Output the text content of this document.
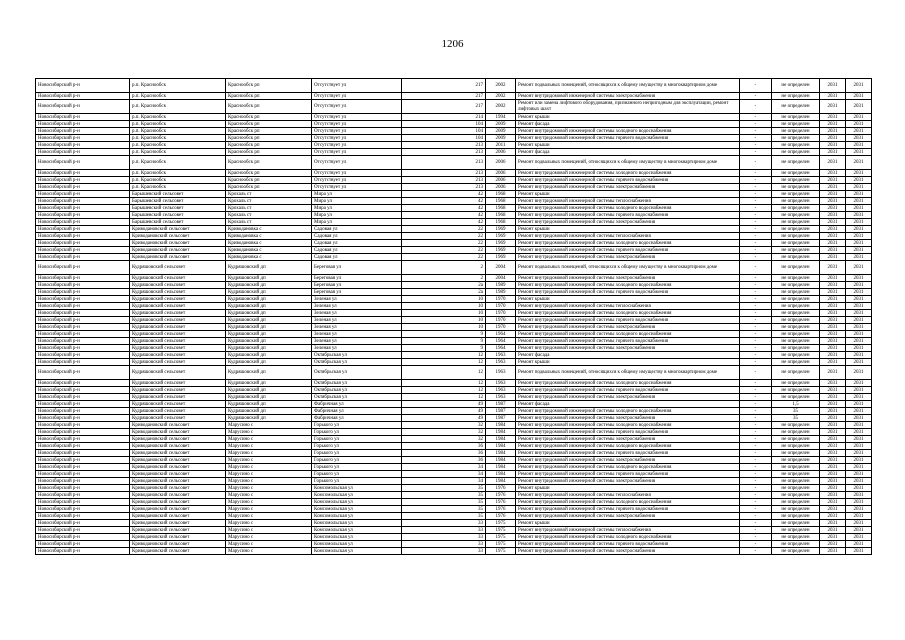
1206
Новосибирский р-н	р.п. Краснообск	Краснообск рп	Отсутствует ул	217	2002	Ремонт подвальных помещений, относящихся к общему имуществу в многоквартирном доме	-	не определен	2031	2031
Новосибирский р-н	р.п. Краснообск	Краснообск рп	Отсутствует ул	217	2002	Ремонт внутридомовой инженерной системы электроснабжения	-	не определен	2031	2031
Новосибирский р-н	р.п. Краснообск	Краснообск рп	Отсутствует ул	217	2002	Ремонт или замена лифтового оборудования, признанного непригодным для эксплуатации, ремонт лифтовых шахт	-	не определен	2031	2031
Новосибирский р-н	р.п. Краснообск	Краснообск рп	Отсутствует ул	214	1994	Ремонт крыши	-	не определен	2031	2031
Новосибирский р-н	р.п. Краснообск	Краснообск рп	Отсутствует ул	104	2009	Ремонт фасада	-	не определен	2031	2031
Новосибирский р-н	р.п. Краснообск	Краснообск рп	Отсутствует ул	104	2009	Ремонт внутридомовой инженерной системы холодного водоснабжения	-	не определен	2031	2031
Новосибирский р-н	р.п. Краснообск	Краснообск рп	Отсутствует ул	104	2009	Ремонт внутридомовой инженерной системы горячего водоснабжения	-	не определен	2031	2031
Новосибирский р-н	р.п. Краснообск	Краснообск рп	Отсутствует ул	213	2011	Ремонт крыши	-	не определен	2031	2031
Новосибирский р-н	р.п. Краснообск	Краснообск рп	Отсутствует ул	213	2006	Ремонт фасада	-	не определен	2031	2031
Новосибирский р-н	р.п. Краснообск	Краснообск рп	Отсутствует ул	213	2006	Ремонт подвальных помещений, относящихся к общему имуществу в многоквартирном доме	-	не определен	2031	2031
Новосибирский р-н	р.п. Краснообск	Краснообск рп	Отсутствует ул	213	2006	Ремонт внутридомовой инженерной системы холодного водоснабжения	-	не определен	2031	2031
Новосибирский р-н	р.п. Краснообск	Краснообск рп	Отсутствует ул	213	2006	Ремонт внутридомовой инженерной системы горячего водоснабжения	-	не определен	2031	2031
Новосибирский р-н	р.п. Краснообск	Краснообск рп	Отсутствует ул	213	2006	Ремонт внутридомовой инженерной системы электроснабжения	-	не определен	2031	2031
Новосибирский р-н	Барышевский сельсовет	Крохаль ст	Мира ул	42	1968	Ремонт крыши	-	не определен	2031	2031
Новосибирский р-н	Барышевский сельсовет	Крохаль ст	Мира ул	42	1968	Ремонт внутридомовой инженерной системы теплоснабжения	-	не определен	2031	2031
Новосибирский р-н	Барышевский сельсовет	Крохаль ст	Мира ул	42	1968	Ремонт внутридомовой инженерной системы холодного водоснабжения	-	не определен	2031	2031
Новосибирский р-н	Барышевский сельсовет	Крохаль ст	Мира ул	42	1968	Ремонт внутридомовой инженерной системы горячего водоснабжения	-	не определен	2031	2031
Новосибирский р-н	Барышевский сельсовет	Крохаль ст	Мира ул	42	1968	Ремонт внутридомовой инженерной системы электроснабжения	-	не определен	2031	2031
Новосибирский р-н	Криводановский сельсовет	Криводановка с	Садовая ул	22	1969	Ремонт крыши	-	не определен	2031	2031
Новосибирский р-н	Криводановский сельсовет	Криводановка с	Садовая ул	22	1969	Ремонт внутридомовой инженерной системы теплоснабжения	-	не определен	2031	2031
Новосибирский р-н	Криводановский сельсовет	Криводановка с	Садовая ул	22	1969	Ремонт внутридомовой инженерной системы холодного водоснабжения	-	не определен	2031	2031
Новосибирский р-н	Криводановский сельсовет	Криводановка с	Садовая ул	22	1969	Ремонт внутридомовой инженерной системы горячего водоснабжения	-	не определен	2031	2031
Новосибирский р-н	Криводановский сельсовет	Криводановка с	Садовая ул	22	1969	Ремонт внутридомовой инженерной системы электроснабжения	-	не определен	2031	2031
Новосибирский р-н	Кудряшовский сельсовет	Кудряшовский дп	Береговая ул	2	2004	Ремонт подвальных помещений, относящихся к общему имуществу в многоквартирном доме	-	не определен	2031	2031
Новосибирский р-н	Кудряшовский сельсовет	Кудряшовский дп	Береговая ул	2	2004	Ремонт внутридомовой инженерной системы электроснабжения	-	не определен	2031	2031
Новосибирский р-н	Кудряшовский сельсовет	Кудряшовский дп	Береговая ул	2а	1989	Ремонт внутридомовой инженерной системы холодного водоснабжения	-	не определен	2031	2031
Новосибирский р-н	Кудряшовский сельсовет	Кудряшовский дп	Береговая ул	2а	1989	Ремонт внутридомовой инженерной системы горячего водоснабжения	-	не определен	2031	2031
Новосибирский р-н	Кудряшовский сельсовет	Кудряшовский дп	Зеленая ул	10	1970	Ремонт крыши	-	не определен	2031	2031
Новосибирский р-н	Кудряшовский сельсовет	Кудряшовский дп	Зеленая ул	10	1970	Ремонт внутридомовой инженерной системы теплоснабжения	-	не определен	2031	2031
Новосибирский р-н	Кудряшовский сельсовет	Кудряшовский дп	Зеленая ул	10	1970	Ремонт внутридомовой инженерной системы холодного водоснабжения	-	не определен	2031	2031
Новосибирский р-н	Кудряшовский сельсовет	Кудряшовский дп	Зеленая ул	10	1970	Ремонт внутридомовой инженерной системы горячего водоснабжения	-	не определен	2031	2031
Новосибирский р-н	Кудряшовский сельсовет	Кудряшовский дп	Зеленая ул	10	1970	Ремонт внутридомовой инженерной системы электроснабжения	-	не определен	2031	2031
Новосибирский р-н	Кудряшовский сельсовет	Кудряшовский дп	Зеленая ул	9	1964	Ремонт внутридомовой инженерной системы холодного водоснабжения	-	не определен	2031	2031
Новосибирский р-н	Кудряшовский сельсовет	Кудряшовский дп	Зеленая ул	9	1964	Ремонт внутридомовой инженерной системы горячего водоснабжения	-	не определен	2031	2031
Новосибирский р-н	Кудряшовский сельсовет	Кудряшовский дп	Зеленая ул	9	1964	Ремонт внутридомовой инженерной системы электроснабжения	-	не определен	2031	2031
Новосибирский р-н	Кудряшовский сельсовет	Кудряшовский дп	Октябрьская ул	12	1963	Ремонт фасада	-	не определен	2031	2031
Новосибирский р-н	Кудряшовский сельсовет	Кудряшовский дп	Октябрьская ул	12	1963	Ремонт крыши	-	не определен	2031	2031
Новосибирский р-н	Кудряшовский сельсовет	Кудряшовский дп	Октябрьская ул	12	1963	Ремонт подвальных помещений, относящихся к общему имуществу в многоквартирном доме	-	не определен	2031	2031
Новосибирский р-н	Кудряшовский сельсовет	Кудряшовский дп	Октябрьская ул	12	1963	Ремонт внутридомовой инженерной системы холодного водоснабжения	-	не определен	2031	2031
Новосибирский р-н	Кудряшовский сельсовет	Кудряшовский дп	Октябрьская ул	12	1963	Ремонт внутридомовой инженерной системы горячего водоснабжения	-	не определен	2031	2031
Новосибирский р-н	Кудряшовский сельсовет	Кудряшовский дп	Октябрьская ул	12	1963	Ремонт внутридомовой инженерной системы электроснабжения	-	не определен	2031	2031
Новосибирский р-н	Кудряшовский сельсовет	Кудряшовский дп	Фабричная ул	49	1987	Ремонт фасада	-	1,5	2031	2031
Новосибирский р-н	Кудряшовский сельсовет	Кудряшовский дп	Фабричная ул	49	1987	Ремонт внутридомовой инженерной системы холодного водоснабжения	-	35	2031	2031
Новосибирский р-н	Кудряшовский сельсовет	Кудряшовский дп	Фабричная ул	49	1987	Ремонт внутридомовой инженерной системы электроснабжения	-	35	2031	2031
Новосибирский р-н	Криводановский сельсовет	Марусино с	Горького ул	32	1984	Ремонт внутридомовой инженерной системы холодного водоснабжения	-	не определен	2031	2031
Новосибирский р-н	Криводановский сельсовет	Марусино с	Горького ул	32	1984	Ремонт внутридомовой инженерной системы горячего водоснабжения	-	не определен	2031	2031
Новосибирский р-н	Криводановский сельсовет	Марусино с	Горького ул	32	1984	Ремонт внутридомовой инженерной системы электроснабжения	-	не определен	2031	2031
Новосибирский р-н	Криводановский сельсовет	Марусино с	Горького ул	36	1984	Ремонт внутридомовой инженерной системы холодного водоснабжения	-	не определен	2031	2031
Новосибирский р-н	Криводановский сельсовет	Марусино с	Горького ул	36	1984	Ремонт внутридомовой инженерной системы горячего водоснабжения	-	не определен	2031	2031
Новосибирский р-н	Криводановский сельсовет	Марусино с	Горького ул	36	1984	Ремонт внутридомовой инженерной системы электроснабжения	-	не определен	2031	2031
Новосибирский р-н	Криводановский сельсовет	Марусино с	Горького ул	34	1984	Ремонт внутридомовой инженерной системы холодного водоснабжения	-	не определен	2031	2031
Новосибирский р-н	Криводановский сельсовет	Марусино с	Горького ул	34	1984	Ремонт внутридомовой инженерной системы горячего водоснабжения	-	не определен	2031	2031
Новосибирский р-н	Криводановский сельсовет	Марусино с	Горького ул	34	1984	Ремонт внутридомовой инженерной системы электроснабжения	-	не определен	2031	2031
Новосибирский р-н	Криводановский сельсовет	Марусино с	Комсомольская ул	35	1976	Ремонт крыши	-	не определен	2031	2031
Новосибирский р-н	Криводановский сельсовет	Марусино с	Комсомольская ул	35	1976	Ремонт внутридомовой инженерной системы теплоснабжения	-	не определен	2031	2031
Новосибирский р-н	Криводановский сельсовет	Марусино с	Комсомольская ул	35	1976	Ремонт внутридомовой инженерной системы холодного водоснабжения	-	не определен	2031	2031
Новосибирский р-н	Криводановский сельсовет	Марусино с	Комсомольская ул	35	1976	Ремонт внутридомовой инженерной системы горячего водоснабжения	-	не определен	2031	2031
Новосибирский р-н	Криводановский сельсовет	Марусино с	Комсомольская ул	35	1976	Ремонт внутридомовой инженерной системы электроснабжения	-	не определен	2031	2031
Новосибирский р-н	Криводановский сельсовет	Марусино с	Комсомольская ул	33	1975	Ремонт крыши	-	не определен	2031	2031
Новосибирский р-н	Криводановский сельсовет	Марусино с	Комсомольская ул	33	1975	Ремонт внутридомовой инженерной системы теплоснабжения	-	не определен	2031	2031
Новосибирский р-н	Криводановский сельсовет	Марусино с	Комсомольская ул	33	1975	Ремонт внутридомовой инженерной системы холодного водоснабжения	-	не определен	2031	2031
Новосибирский р-н	Криводановский сельсовет	Марусино с	Комсомольская ул	33	1975	Ремонт внутридомовой инженерной системы горячего водоснабжения	-	не определен	2031	2031
Новосибирский р-н	Криводановский сельсовет	Марусино с	Комсомольская ул	33	1975	Ремонт внутридомовой инженерной системы электроснабжения	-	не определен	2031	2031
